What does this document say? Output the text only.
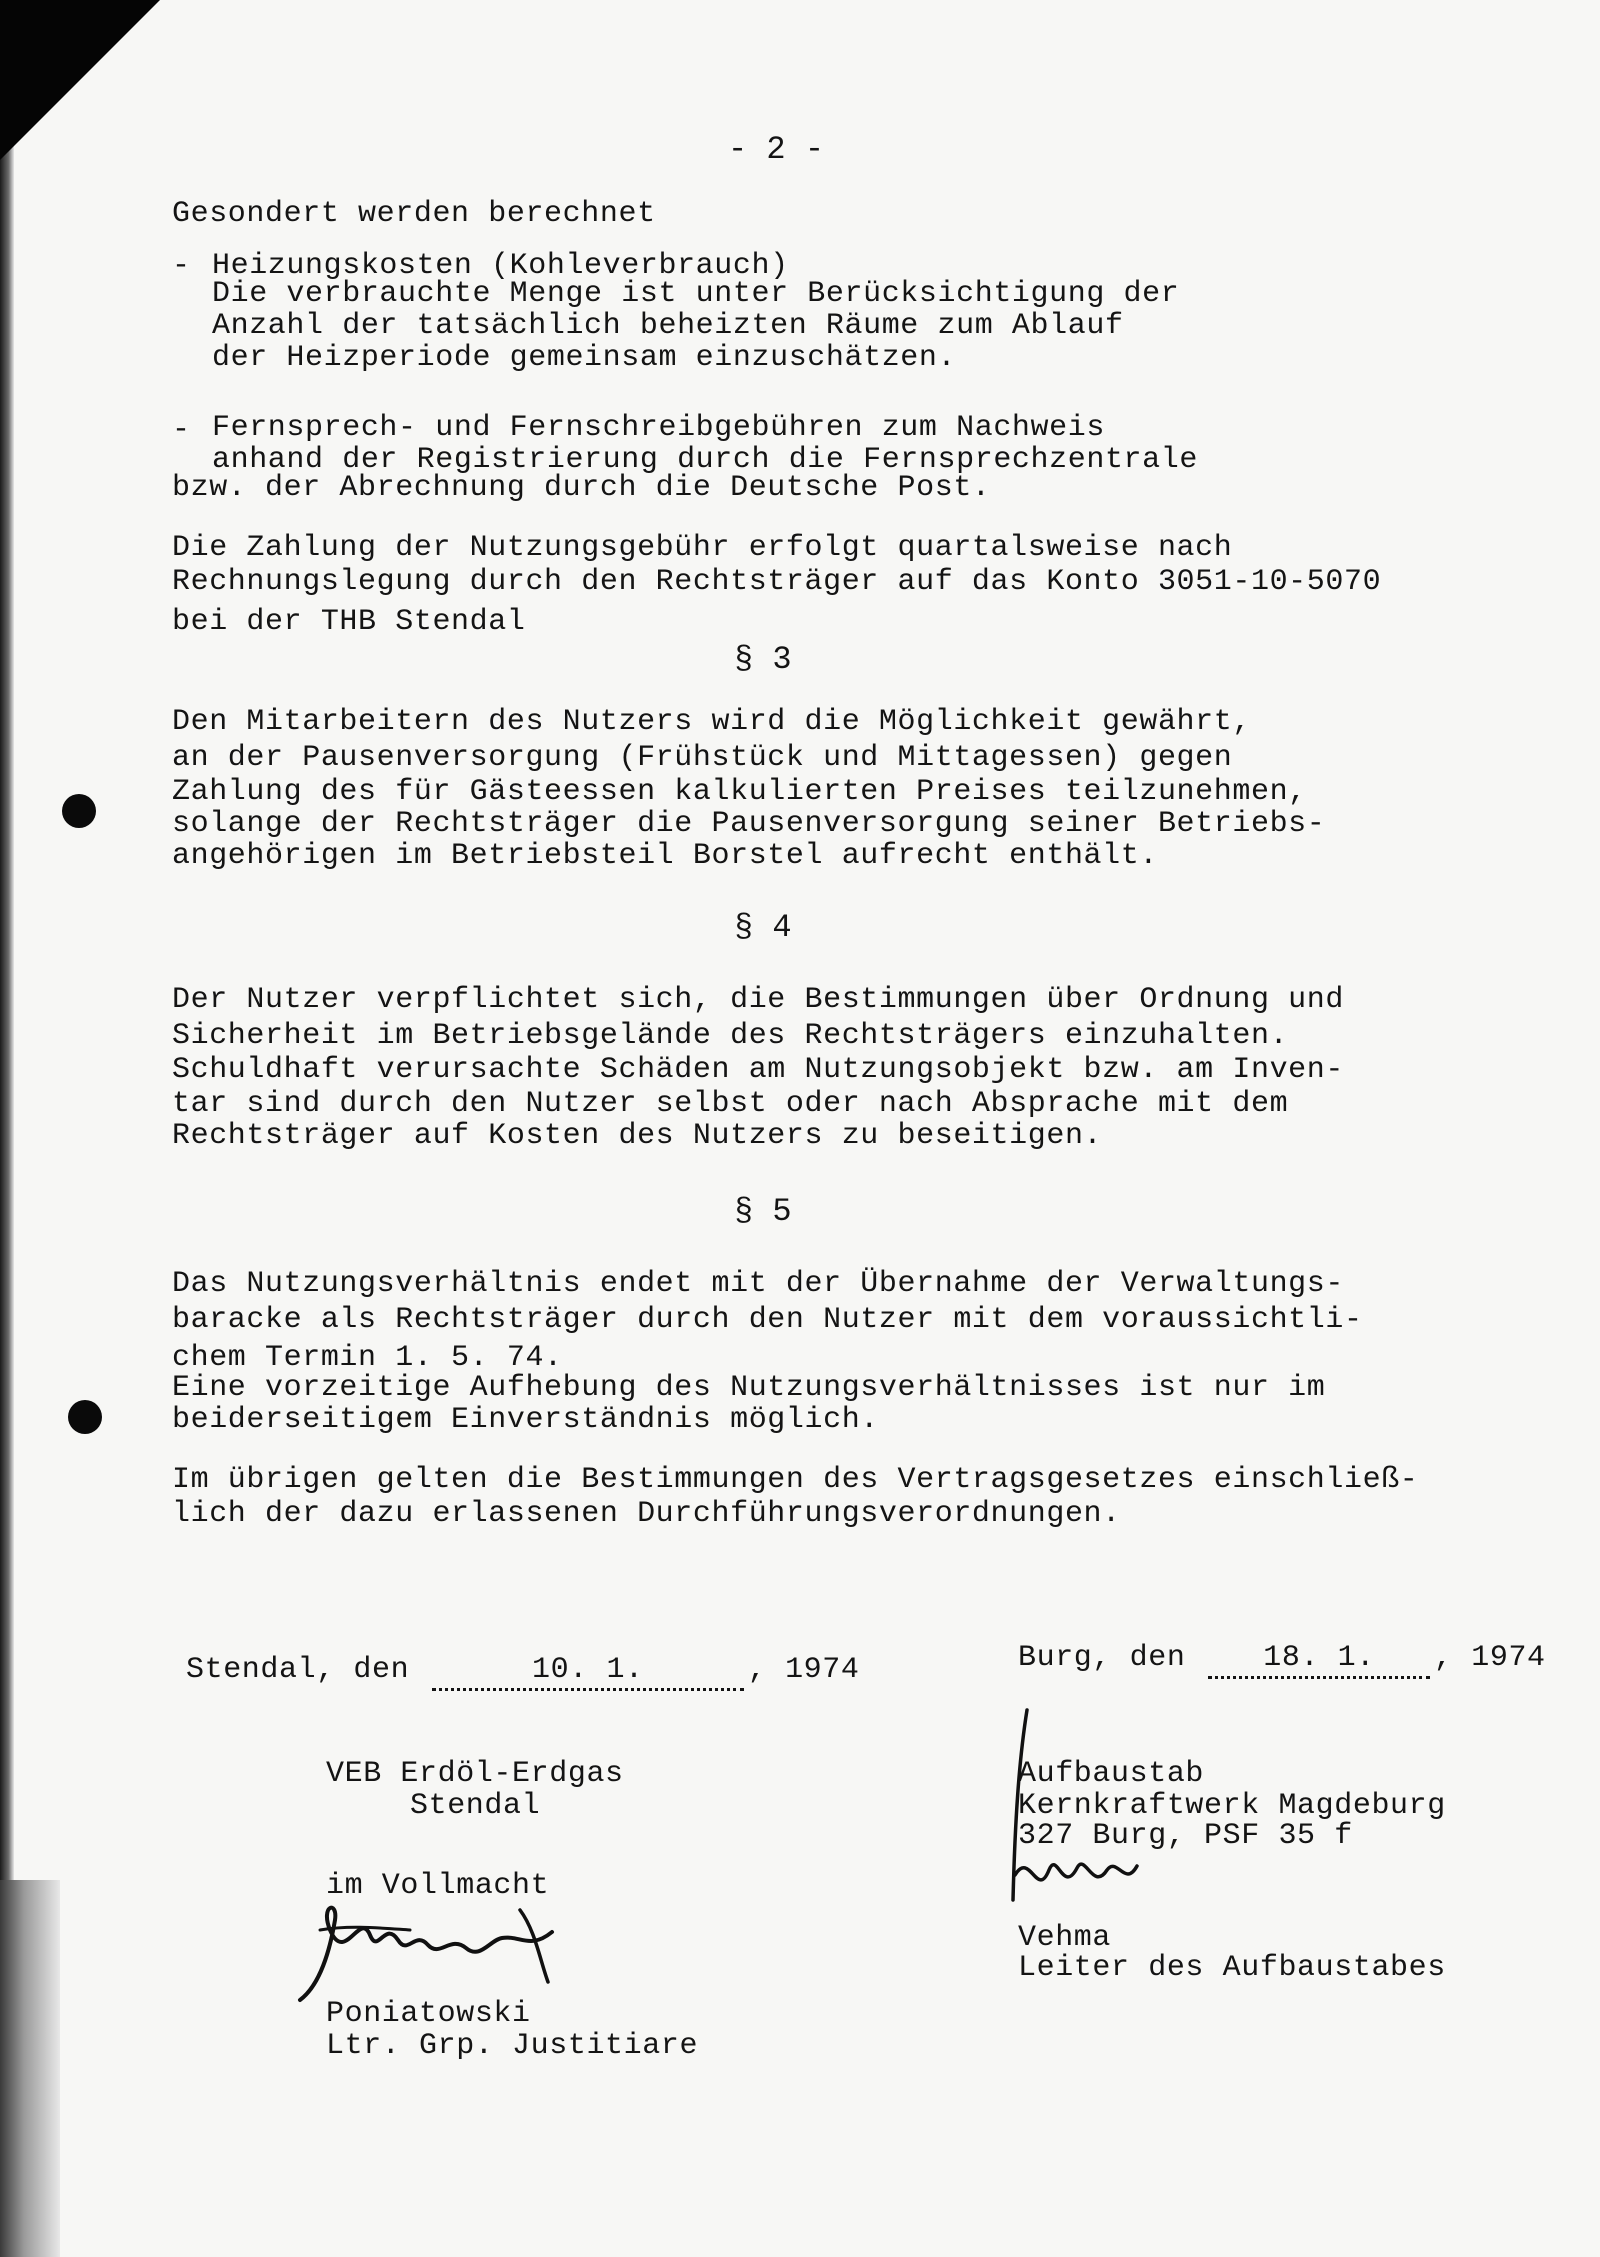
- 2 -
Gesondert werden berechnet
- Heizungskosten (Kohleverbrauch)
Die verbrauchte Menge ist unter Berücksichtigung der
Anzahl der tatsächlich beheizten Räume zum Ablauf
der Heizperiode gemeinsam einzuschätzen.
- Fernsprech- und Fernschreibgebühren zum Nachweis
anhand der Registrierung durch die Fernsprechzentrale
bzw. der Abrechnung durch die Deutsche Post.
Die Zahlung der Nutzungsgebühr erfolgt quartalsweise nach
Rechnungslegung durch den Rechtsträger auf das Konto 3051-10-5070
bei der THB Stendal
§ 3
Den Mitarbeitern des Nutzers wird die Möglichkeit gewährt,
an der Pausenversorgung (Frühstück und Mittagessen) gegen
Zahlung des für Gästeessen kalkulierten Preises teilzunehmen,
solange der Rechtsträger die Pausenversorgung seiner Betriebs-
angehörigen im Betriebsteil Borstel aufrecht enthält.
§ 4
Der Nutzer verpflichtet sich, die Bestimmungen über Ordnung und
Sicherheit im Betriebsgelände des Rechtsträgers einzuhalten.
Schuldhaft verursachte Schäden am Nutzungsobjekt bzw. am Inven-
tar sind durch den Nutzer selbst oder nach Absprache mit dem
Rechtsträger auf Kosten des Nutzers zu beseitigen.
§ 5
Das Nutzungsverhältnis endet mit der Übernahme der Verwaltungs-
baracke als Rechtsträger durch den Nutzer mit dem voraussichtli-
chem Termin 1. 5. 74.
Eine vorzeitige Aufhebung des Nutzungsverhältnisses ist nur im
beiderseitigem Einverständnis möglich.
Im übrigen gelten die Bestimmungen des Vertragsgesetzes einschließ-
lich der dazu erlassenen Durchführungsverordnungen.
Stendal, den	10. 1.	, 1974
VEB Erdöl-Erdgas
Stendal
im Vollmacht
Poniatowski
Ltr. Grp. Justitiare
Burg, den	18. 1. , 1974
Aufbaustab
Kernkraftwerk Magdeburg
327 Burg, PSF 35 f
Vehma
Leiter des Aufbaustabes
